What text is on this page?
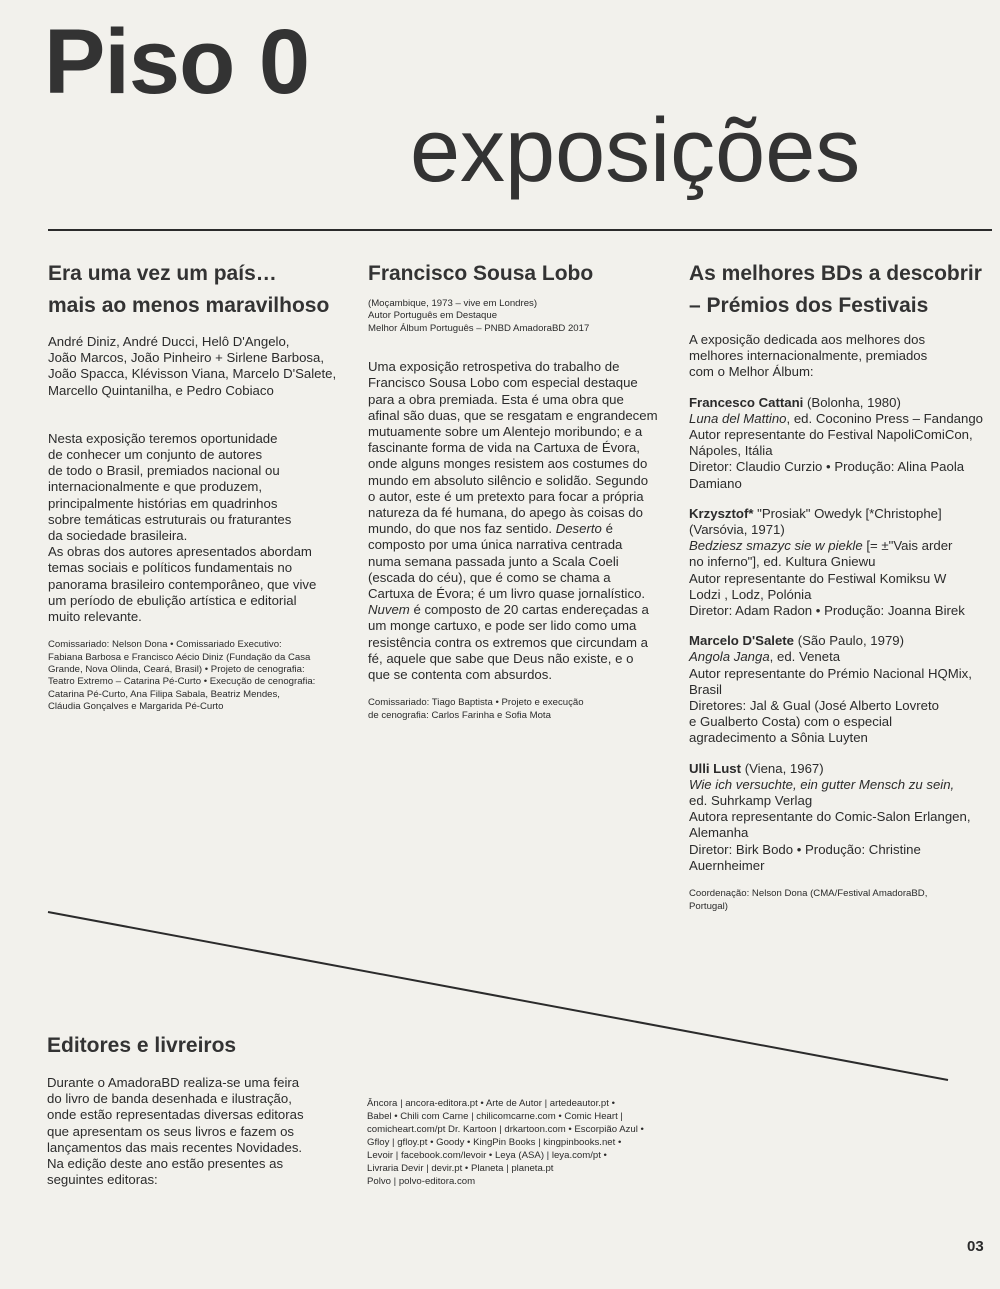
Piso 0
exposições
Era uma vez um país…
mais ao menos maravilhoso

André Diniz, André Ducci, Helô D'Angelo,

João Marcos, João Pinheiro + Sirlene Barbosa,

João Spacca, Klévisson Viana, Marcelo D'Salete,

Marcello Quintanilha, e Pedro Cobiaco

Nesta exposição teremos oportunidade

de conhecer um conjunto de autores

de todo o Brasil, premiados nacional ou

internacionalmente e que produzem,

principalmente histórias em quadrinhos

sobre temáticas estruturais ou fraturantes

da sociedade brasileira.

As obras dos autores apresentados abordam

temas sociais e políticos fundamentais no

panorama brasileiro contemporâneo, que vive

um período de ebulição artística e editorial

muito relevante.

Comissariado: Nelson Dona • Comissariado Executivo:

Fabiana Barbosa e Francisco Aécio Diniz (Fundação da Casa

Grande, Nova Olinda, Ceará, Brasil) • Projeto de cenografia:

Teatro Extremo – Catarina Pé-Curto • Execução de cenografia:

Catarina Pé-Curto, Ana Filipa Sabala, Beatriz Mendes,

Cláudia Gonçalves e Margarida Pé-Curto

Francisco Sousa Lobo

(Moçambique, 1973 – vive em Londres)

Autor Português em Destaque

Melhor Álbum Português – PNBD AmadoraBD 2017

Uma exposição retrospetiva do trabalho de Francisco Sousa Lobo com especial destaque para a obra premiada. Esta é uma obra que afinal são duas, que se resgatam e engrandecem mutuamente sobre um Alentejo moribundo; e a fascinante forma de vida na Cartuxa de Évora, onde alguns monges resistem aos costumes do mundo em absoluto silêncio e solidão. Segundo o autor, este é um pretexto para focar a própria natureza da fé humana, do apego às coisas do mundo, do que nos faz sentido. Deserto é composto por uma única narrativa centrada numa semana passada junto a Scala Coeli (escada do céu), que é como se chama a Cartuxa de Évora; é um livro quase jornalístico. Nuvem é composto de 20 cartas endereçadas a um monge cartuxo, e pode ser lido como uma resistência contra os extremos que circundam a fé, aquele que sabe que Deus não existe, e o que se contenta com absurdos.

Comissariado: Tiago Baptista • Projeto e execução

de cenografia: Carlos Farinha e Sofia Mota

As melhores BDs a descobrir
– Prémios dos Festivais

A exposição dedicada aos melhores dos

melhores internacionalmente, premiados

com o Melhor Álbum:

Francesco Cattani (Bolonha, 1980)

Luna del Mattino, ed. Coconino Press – Fandango

Autor representante do Festival NapoliComiCon,

Nápoles, Itália

Diretor: Claudio Curzio • Produção: Alina Paola

Damiano

Krzysztof* "Prosiak" Owedyk [*Christophe]

(Varsóvia, 1971)

Bedziesz smazyc sie w piekle [= ±"Vais arder

no inferno"], ed. Kultura Gniewu

Autor representante do Festiwal Komiksu W

Lodzi , Lodz, Polónia

Diretor: Adam Radon • Produção: Joanna Birek

Marcelo D'Salete (São Paulo, 1979)

Angola Janga, ed. Veneta

Autor representante do Prémio Nacional HQMix,

Brasil

Diretores: Jal & Gual (José Alberto Lovreto

e Gualberto Costa) com o especial

agradecimento a Sônia Luyten

Ulli Lust (Viena, 1967)

Wie ich versuchte, ein gutter Mensch zu sein,

ed. Suhrkamp Verlag

Autora representante do Comic-Salon Erlangen,

Alemanha

Diretor: Birk Bodo • Produção: Christine

Auernheimer

Coordenação: Nelson Dona (CMA/Festival AmadoraBD,

Portugal)

Editores e livreiros

Durante o AmadoraBD realiza-se uma feira

do livro de banda desenhada e ilustração,

onde estão representadas diversas editoras

que apresentam os seus livros e fazem os

lançamentos das mais recentes Novidades.

Na edição deste ano estão presentes as

seguintes editoras:

Âncora | ancora-editora.pt • Arte de Autor | artedeautor.pt •

Babel • Chili com Carne | chilicomcarne.com • Comic Heart |

comicheart.com/pt Dr. Kartoon | drkartoon.com • Escorpião Azul •

Gfloy | gfloy.pt • Goody • KingPin Books | kingpinbooks.net •

Levoir | facebook.com/levoir • Leya (ASA) | leya.com/pt •

Livraria Devir | devir.pt • Planeta | planeta.pt

Polvo | polvo-editora.com

03
